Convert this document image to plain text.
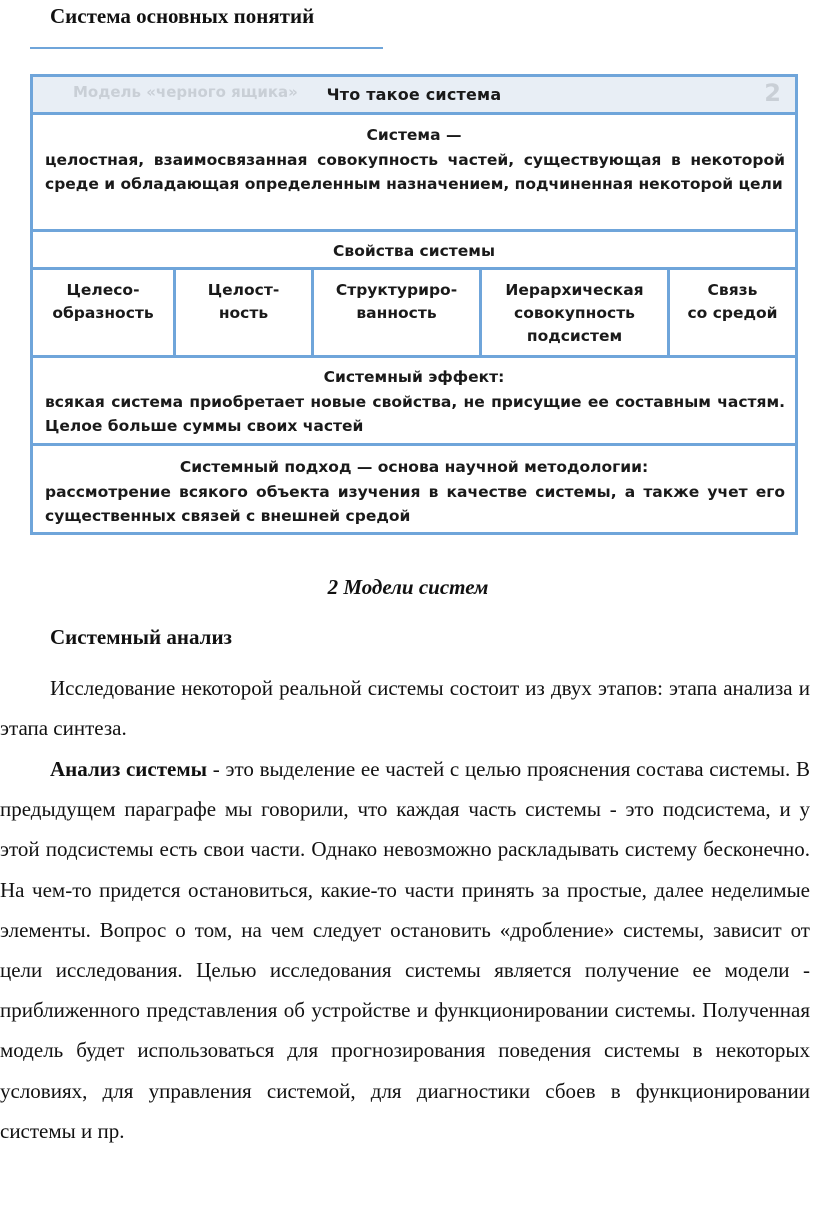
Система основных понятий
Модель «черного ящика»	Что такое система	2

Система —

целостная, взаимосвязанная совокупность частей, существующая в некоторой среде и обладающая определенным назначением, подчиненная некоторой цели

Свойства системы

Целесо-
образность
Целост-
ность
Структуриро-
ванность
Иерархическая
совокупность
подсистем
Связь
со средой

Системный эффект:

всякая система приобретает новые свойства, не присущие ее составным частям. Целое больше суммы своих частей

Системный подход — основа научной методологии:

рассмотрение всякого объекта изучения в качестве системы, а также учет его существенных связей с внешней средой

2 Модели систем
Системный анализ

Исследование некоторой реальной системы состоит из двух этапов: этапа анализа и этапа синтеза.

Анализ системы - это выделение ее частей с целью прояснения состава системы. В предыдущем параграфе мы говорили, что каждая часть системы - это подсистема, и у этой подсистемы есть свои части. Однако невозможно раскладывать систему бесконечно. На чем-то придется остановиться, какие-то части принять за простые, далее неделимые элементы. Вопрос о том, на чем следует остановить «дробление» системы, зависит от цели исследования. Целью исследования системы является получение ее модели - приближенного представления об устройстве и функционировании системы. Полученная модель будет использоваться для прогнозирования поведения системы в некоторых условиях, для управления системой, для диагностики сбоев в функционировании системы и пр.
